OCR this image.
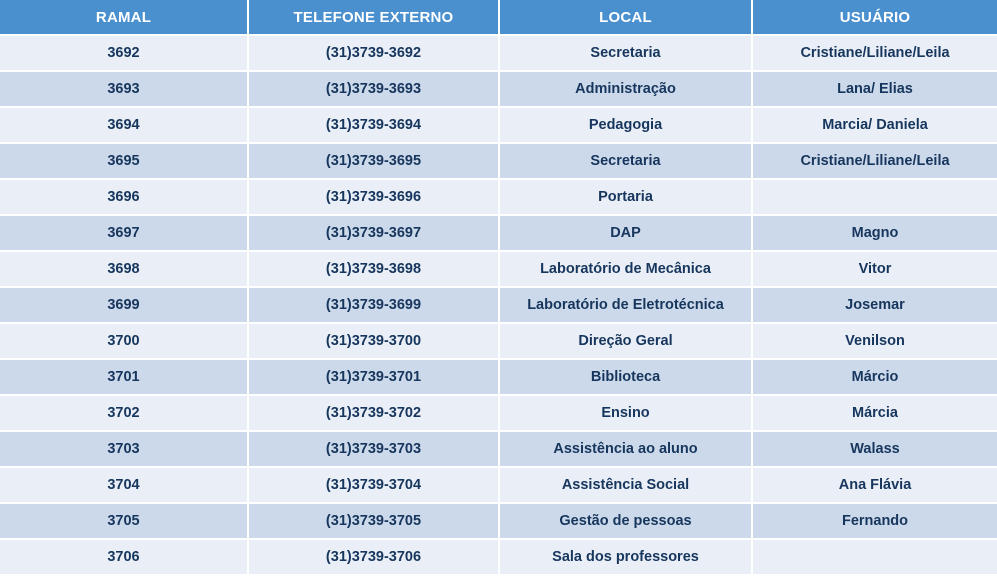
RAMAL	TELEFONE EXTERNO	LOCAL	USUÁRIO
3692	(31)3739-3692	Secretaria	Cristiane/Liliane/Leila
3693	(31)3739-3693	Administração	Lana/ Elias
3694	(31)3739-3694	Pedagogia	Marcia/ Daniela
3695	(31)3739-3695	Secretaria	Cristiane/Liliane/Leila
3696	(31)3739-3696	Portaria	
3697	(31)3739-3697	DAP	Magno
3698	(31)3739-3698	Laboratório de Mecânica	Vitor
3699	(31)3739-3699	Laboratório de Eletrotécnica	Josemar
3700	(31)3739-3700	Direção Geral	Venilson
3701	(31)3739-3701	Biblioteca	Márcio
3702	(31)3739-3702	Ensino	Márcia
3703	(31)3739-3703	Assistência ao aluno	Walass
3704	(31)3739-3704	Assistência Social	Ana Flávia
3705	(31)3739-3705	Gestão de pessoas	Fernando
3706	(31)3739-3706	Sala dos professores	
